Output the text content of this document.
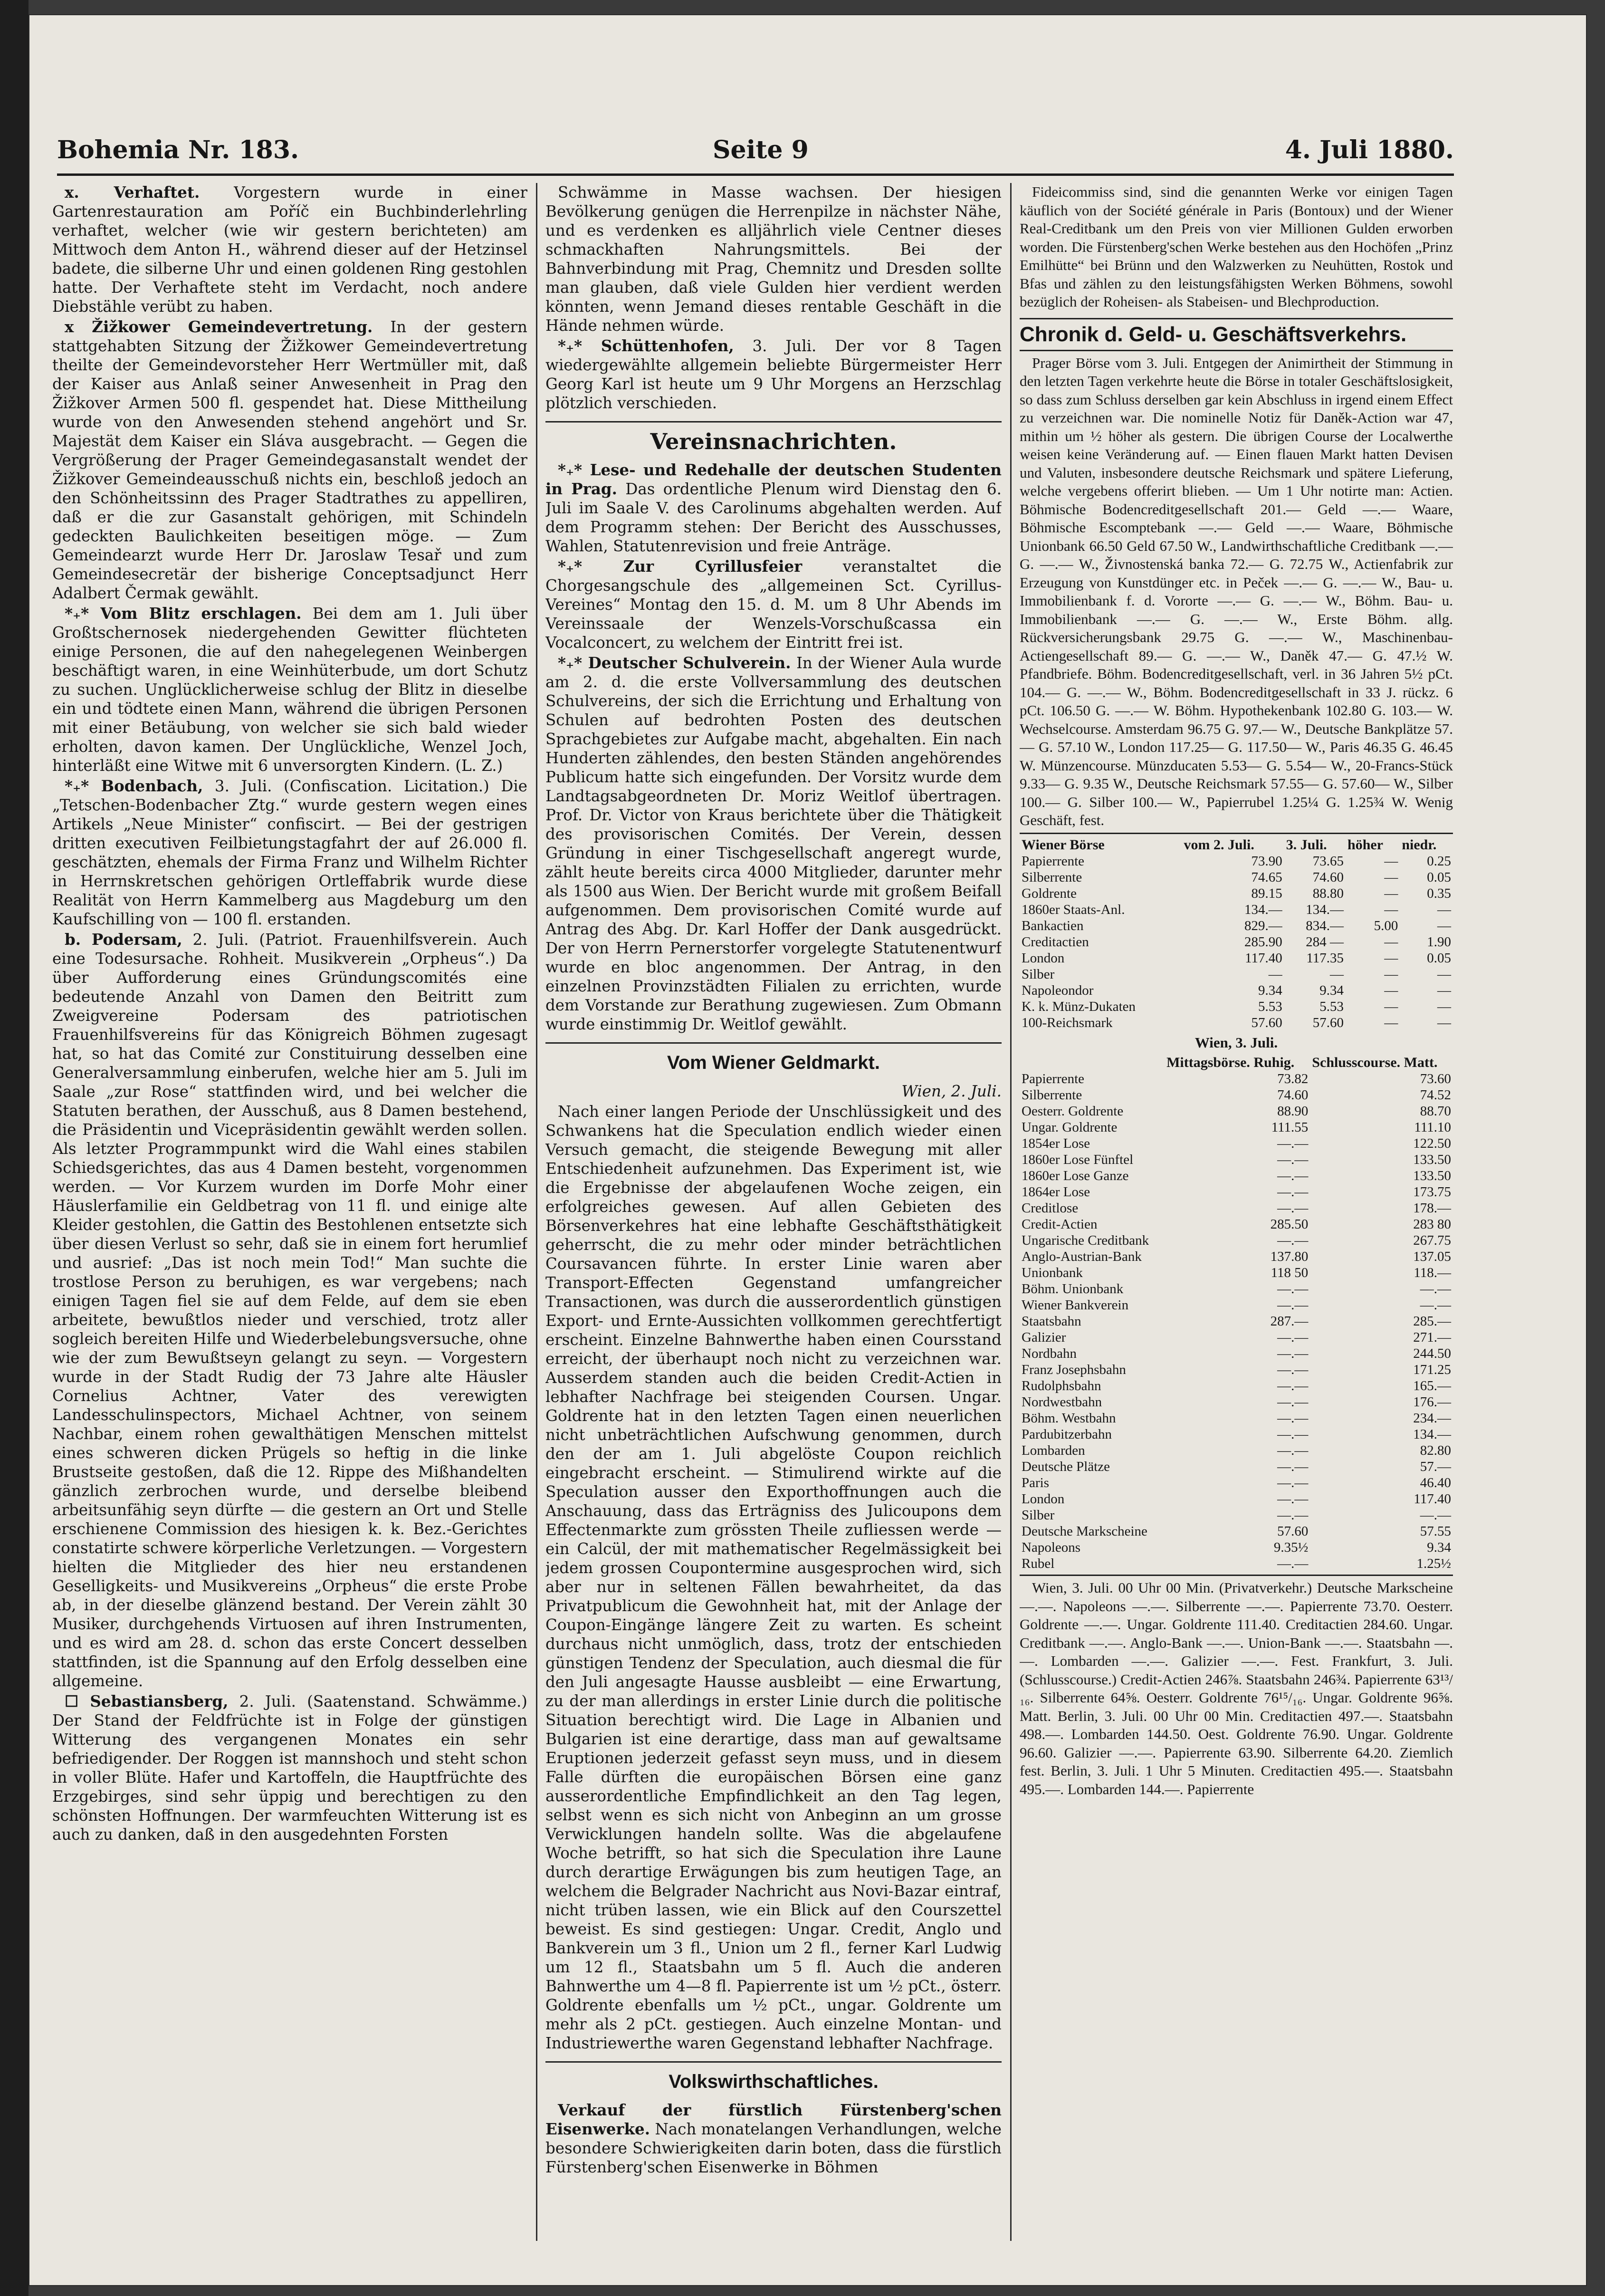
Bohemia Nr. 183.	Seite 9	4. Juli 1880.

x. Verhaftet. Vorgestern wurde in einer Gartenrestauration am Poříč ein Buchbinderlehrling verhaftet, welcher (wie wir gestern berichteten) am Mittwoch dem Anton H., während dieser auf der Hetzinsel badete, die silberne Uhr und einen goldenen Ring gestohlen hatte. Der Verhaftete steht im Verdacht, noch andere Diebstähle verübt zu haben.

x Žižkower Gemeindevertretung. In der gestern stattgehabten Sitzung der Žižkower Gemeindevertretung theilte der Gemeindevorsteher Herr Wertmüller mit, daß der Kaiser aus Anlaß seiner Anwesenheit in Prag den Žižkover Armen 500 fl. gespendet hat. Diese Mittheilung wurde von den Anwesenden stehend angehört und Sr. Majestät dem Kaiser ein Sláva ausgebracht. — Gegen die Vergrößerung der Prager Gemeindegasanstalt wendet der Žižkover Gemeindeausschuß nichts ein, beschloß jedoch an den Schönheitssinn des Prager Stadtrathes zu appelliren, daß er die zur Gasanstalt gehörigen, mit Schindeln gedeckten Baulichkeiten beseitigen möge. — Zum Gemeindearzt wurde Herr Dr. Jaroslaw Tesař und zum Gemeindesecretär der bisherige Conceptsadjunct Herr Adalbert Čermak gewählt.

*₊* Vom Blitz erschlagen. Bei dem am 1. Juli über Großtschernosek niedergehenden Gewitter flüchteten einige Personen, die auf den nahegelegenen Weinbergen beschäftigt waren, in eine Weinhüterbude, um dort Schutz zu suchen. Unglücklicherweise schlug der Blitz in dieselbe ein und tödtete einen Mann, während die übrigen Personen mit einer Betäubung, von welcher sie sich bald wieder erholten, davon kamen. Der Unglückliche, Wenzel Joch, hinterläßt eine Witwe mit 6 unversorgten Kindern. (L. Z.)

*₊* Bodenbach, 3. Juli. (Confiscation. Licitation.) Die „Tetschen-Bodenbacher Ztg.“ wurde gestern wegen eines Artikels „Neue Minister“ confiscirt. — Bei der gestrigen dritten executiven Feilbietungstagfahrt der auf 26.000 fl. geschätzten, ehemals der Firma Franz und Wilhelm Richter in Herrnskretschen gehörigen Ortleffabrik wurde diese Realität von Herrn Kammelberg aus Magdeburg um den Kaufschilling von — 100 fl. erstanden.

b. Podersam, 2. Juli. (Patriot. Frauenhilfsverein. Auch eine Todesursache. Rohheit. Musikverein „Orpheus“.) Da über Aufforderung eines Gründungscomités eine bedeutende Anzahl von Damen den Beitritt zum Zweigvereine Podersam des patriotischen Frauenhilfsvereins für das Königreich Böhmen zugesagt hat, so hat das Comité zur Constituirung desselben eine Generalversammlung einberufen, welche hier am 5. Juli im Saale „zur Rose“ stattfinden wird, und bei welcher die Statuten berathen, der Ausschuß, aus 8 Damen bestehend, die Präsidentin und Vicepräsidentin gewählt werden sollen. Als letzter Programmpunkt wird die Wahl eines stabilen Schiedsgerichtes, das aus 4 Damen besteht, vorgenommen werden. — Vor Kurzem wurden im Dorfe Mohr einer Häuslerfamilie ein Geldbetrag von 11 fl. und einige alte Kleider gestohlen, die Gattin des Bestohlenen entsetzte sich über diesen Verlust so sehr, daß sie in einem fort herumlief und ausrief: „Das ist noch mein Tod!“ Man suchte die trostlose Person zu beruhigen, es war vergebens; nach einigen Tagen fiel sie auf dem Felde, auf dem sie eben arbeitete, bewußtlos nieder und verschied, trotz aller sogleich bereiten Hilfe und Wiederbelebungsversuche, ohne wie der zum Bewußtseyn gelangt zu seyn. — Vorgestern wurde in der Stadt Rudig der 73 Jahre alte Häusler Cornelius Achtner, Vater des verewigten Landesschulinspectors, Michael Achtner, von seinem Nachbar, einem rohen gewalthätigen Menschen mittelst eines schweren dicken Prügels so heftig in die linke Brustseite gestoßen, daß die 12. Rippe des Mißhandelten gänzlich zerbrochen wurde, und derselbe bleibend arbeitsunfähig seyn dürfte — die gestern an Ort und Stelle erschienene Commission des hiesigen k. k. Bez.-Gerichtes constatirte schwere körperliche Verletzungen. — Vorgestern hielten die Mitglieder des hier neu erstandenen Geselligkeits- und Musikvereins „Orpheus“ die erste Probe ab, in der dieselbe glänzend bestand. Der Verein zählt 30 Musiker, durchgehends Virtuosen auf ihren Instrumenten, und es wird am 28. d. schon das erste Concert desselben stattfinden, ist die Spannung auf den Erfolg desselben eine allgemeine.

☐ Sebastiansberg, 2. Juli. (Saatenstand. Schwämme.) Der Stand der Feldfrüchte ist in Folge der günstigen Witterung des vergangenen Monates ein sehr befriedigender. Der Roggen ist mannshoch und steht schon in voller Blüte. Hafer und Kartoffeln, die Hauptfrüchte des Erzgebirges, sind sehr üppig und berechtigen zu den schönsten Hoffnungen. Der warmfeuchten Witterung ist es auch zu danken, daß in den ausgedehnten Forsten

Schwämme in Masse wachsen. Der hiesigen Bevölkerung genügen die Herrenpilze in nächster Nähe, und es verdenken es alljährlich viele Centner dieses schmackhaften Nahrungsmittels. Bei der Bahnverbindung mit Prag, Chemnitz und Dresden sollte man glauben, daß viele Gulden hier verdient werden könnten, wenn Jemand dieses rentable Geschäft in die Hände nehmen würde.

*₊* Schüttenhofen, 3. Juli. Der vor 8 Tagen wiedergewählte allgemein beliebte Bürgermeister Herr Georg Karl ist heute um 9 Uhr Morgens an Herzschlag plötzlich verschieden.

Vereinsnachrichten.

*₊* Lese- und Redehalle der deutschen Studenten in Prag. Das ordentliche Plenum wird Dienstag den 6. Juli im Saale V. des Carolinums abgehalten werden. Auf dem Programm stehen: Der Bericht des Ausschusses, Wahlen, Statutenrevision und freie Anträge.

*₊* Zur Cyrillusfeier veranstaltet die Chorgesangschule des „allgemeinen Sct. Cyrillus-Vereines“ Montag den 15. d. M. um 8 Uhr Abends im Vereinssaale der Wenzels-Vorschußcassa ein Vocalconcert, zu welchem der Eintritt frei ist.

*₊* Deutscher Schulverein. In der Wiener Aula wurde am 2. d. die erste Vollversammlung des deutschen Schulvereins, der sich die Errichtung und Erhaltung von Schulen auf bedrohten Posten des deutschen Sprachgebietes zur Aufgabe macht, abgehalten. Ein nach Hunderten zählendes, den besten Ständen angehörendes Publicum hatte sich eingefunden. Der Vorsitz wurde dem Landtagsabgeordneten Dr. Moriz Weitlof übertragen. Prof. Dr. Victor von Kraus berichtete über die Thätigkeit des provisorischen Comités. Der Verein, dessen Gründung in einer Tischgesellschaft angeregt wurde, zählt heute bereits circa 4000 Mitglieder, darunter mehr als 1500 aus Wien. Der Bericht wurde mit großem Beifall aufgenommen. Dem provisorischen Comité wurde auf Antrag des Abg. Dr. Karl Hoffer der Dank ausgedrückt. Der von Herrn Pernerstorfer vorgelegte Statutenentwurf wurde en bloc angenommen. Der Antrag, in den einzelnen Provinzstädten Filialen zu errichten, wurde dem Vorstande zur Berathung zugewiesen. Zum Obmann wurde einstimmig Dr. Weitlof gewählt.

Vom Wiener Geldmarkt.

Wien, 2. Juli.

Nach einer langen Periode der Unschlüssigkeit und des Schwankens hat die Speculation endlich wieder einen Versuch gemacht, die steigende Bewegung mit aller Entschiedenheit aufzunehmen. Das Experiment ist, wie die Ergebnisse der abgelaufenen Woche zeigen, ein erfolgreiches gewesen. Auf allen Gebieten des Börsenverkehres hat eine lebhafte Geschäftsthätigkeit geherrscht, die zu mehr oder minder beträchtlichen Coursavancen führte. In erster Linie waren aber Transport-Effecten Gegenstand umfangreicher Transactionen, was durch die ausserordentlich günstigen Export- und Ernte-Aussichten vollkommen gerechtfertigt erscheint. Einzelne Bahnwerthe haben einen Coursstand erreicht, der überhaupt noch nicht zu verzeichnen war. Ausserdem standen auch die beiden Credit-Actien in lebhafter Nachfrage bei steigenden Coursen. Ungar. Goldrente hat in den letzten Tagen einen neuerlichen nicht unbeträchtlichen Aufschwung genommen, durch den der am 1. Juli abgelöste Coupon reichlich eingebracht erscheint. — Stimulirend wirkte auf die Speculation ausser den Exporthoffnungen auch die Anschauung, dass das Erträgniss des Julicoupons dem Effectenmarkte zum grössten Theile zufliessen werde — ein Calcül, der mit mathematischer Regelmässigkeit bei jedem grossen Coupontermine ausgesprochen wird, sich aber nur in seltenen Fällen bewahrheitet, da das Privatpublicum die Gewohnheit hat, mit der Anlage der Coupon-Eingänge längere Zeit zu warten. Es scheint durchaus nicht unmöglich, dass, trotz der entschieden günstigen Tendenz der Speculation, auch diesmal die für den Juli angesagte Hausse ausbleibt — eine Erwartung, zu der man allerdings in erster Linie durch die politische Situation berechtigt wird. Die Lage in Albanien und Bulgarien ist eine derartige, dass man auf gewaltsame Eruptionen jederzeit gefasst seyn muss, und in diesem Falle dürften die europäischen Börsen eine ganz ausserordentliche Empfindlichkeit an den Tag legen, selbst wenn es sich nicht von Anbeginn an um grosse Verwicklungen handeln sollte. Was die abgelaufene Woche betrifft, so hat sich die Speculation ihre Laune durch derartige Erwägungen bis zum heutigen Tage, an welchem die Belgrader Nachricht aus Novi-Bazar eintraf, nicht trüben lassen, wie ein Blick auf den Courszettel beweist. Es sind gestiegen: Ungar. Credit, Anglo und Bankverein um 3 fl., Union um 2 fl., ferner Karl Ludwig um 12 fl., Staatsbahn um 5 fl. Auch die anderen Bahnwerthe um 4—8 fl. Papierrente ist um ½ pCt., österr. Goldrente ebenfalls um ½ pCt., ungar. Goldrente um mehr als 2 pCt. gestiegen. Auch einzelne Montan- und Industriewerthe waren Gegenstand lebhafter Nachfrage.

Volkswirthschaftliches.

Verkauf der fürstlich Fürstenberg'schen Eisenwerke. Nach monatelangen Verhandlungen, welche besondere Schwierigkeiten darin boten, dass die fürstlich Fürstenberg'schen Eisenwerke in Böhmen

Fideicommiss sind, sind die genannten Werke vor einigen Tagen käuflich von der Société générale in Paris (Bontoux) und der Wiener Real-Creditbank um den Preis von vier Millionen Gulden erworben worden. Die Fürstenberg'schen Werke bestehen aus den Hochöfen „Prinz Emilhütte“ bei Brünn und den Walzwerken zu Neuhütten, Rostok und Bfas und zählen zu den leistungsfähigsten Werken Böhmens, sowohl bezüglich der Roheisen- als Stabeisen- und Blechproduction.

Chronik d. Geld- u. Geschäftsverkehrs.

Prager Börse vom 3. Juli. Entgegen der Animirtheit der Stimmung in den letzten Tagen verkehrte heute die Börse in totaler Geschäftslosigkeit, so dass zum Schluss derselben gar kein Abschluss in irgend einem Effect zu verzeichnen war. Die nominelle Notiz für Daněk-Action war 47, mithin um ½ höher als gestern. Die übrigen Course der Localwerthe weisen keine Veränderung auf. — Einen flauen Markt hatten Devisen und Valuten, insbesondere deutsche Reichsmark und spätere Lieferung, welche vergebens offerirt blieben. — Um 1 Uhr notirte man: Actien. Böhmische Bodencreditgesellschaft 201.— Geld —.— Waare, Böhmische Escomptebank —.— Geld —.— Waare, Böhmische Unionbank 66.50 Geld 67.50 W., Landwirthschaftliche Creditbank —.— G. —.— W., Živnostenská banka 72.— G. 72.75 W., Actienfabrik zur Erzeugung von Kunstdünger etc. in Peček —.— G. —.— W., Bau- u. Immobilienbank f. d. Vororte —.— G. —.— W., Böhm. Bau- u. Immobilienbank —.— G. —.— W., Erste Böhm. allg. Rückversicherungsbank 29.75 G. —.— W., Maschinenbau-Actiengesellschaft 89.— G. —.— W., Daněk 47.— G. 47.½ W. Pfandbriefe. Böhm. Bodencreditgesellschaft, verl. in 36 Jahren 5½ pCt. 104.— G. —.— W., Böhm. Bodencreditgesellschaft in 33 J. rückz. 6 pCt. 106.50 G. —.— W. Böhm. Hypothekenbank 102.80 G. 103.— W. Wechselcourse. Amsterdam 96.75 G. 97.— W., Deutsche Bankplätze 57.— G. 57.10 W., London 117.25— G. 117.50— W., Paris 46.35 G. 46.45 W. Münzencourse. Münzducaten 5.53— G. 5.54— W., 20-Francs-Stück 9.33— G. 9.35 W., Deutsche Reichsmark 57.55— G. 57.60— W., Silber 100.— G. Silber 100.— W., Papierrubel 1.25¼ G. 1.25¾ W. Wenig Geschäft, fest.

Wiener Börse	vom 2. Juli.	3. Juli.	höher	niedr.
Papierrente	73.90	73.65	—	0.25
Silberrente	74.65	74.60	—	0.05
Goldrente	89.15	88.80	—	0.35
1860er Staats-Anl.	134.—	134.—	—	—
Bankactien	829.—	834.—	5.00	—
Creditactien	285.90	284 —	—	1.90
London	117.40	117.35	—	0.05
Silber	—	—	—	—
Napoleondor	9.34	9.34	—	—
K. k. Münz-Dukaten	5.53	5.53	—	—
100-Reichsmark	57.60	57.60	—	—
Wien, 3. Juli.
	Mittagsbörse. Ruhig.	Schlusscourse. Matt.
Papierrente	73.82	73.60
Silberrente	74.60	74.52
Oesterr. Goldrente	88.90	88.70
Ungar. Goldrente	111.55	111.10
1854er Lose	—.—	122.50
1860er Lose Fünftel	—.—	133.50
1860er Lose Ganze	—.—	133.50
1864er Lose	—.—	173.75
Creditlose	—.—	178.—
Credit-Actien	285.50	283 80
Ungarische Creditbank	—.—	267.75
Anglo-Austrian-Bank	137.80	137.05
Unionbank	118 50	118.—
Böhm. Unionbank	—.—	—.—
Wiener Bankverein	—.—	—.—
Staatsbahn	287.—	285.—
Galizier	—.—	271.—
Nordbahn	—.—	244.50
Franz Josephsbahn	—.—	171.25
Rudolphsbahn	—.—	165.—
Nordwestbahn	—.—	176.—
Böhm. Westbahn	—.—	234.—
Pardubitzerbahn	—.—	134.—
Lombarden	—.—	82.80
Deutsche Plätze	—.—	57.—
Paris	—.—	46.40
London	—.—	117.40
Silber	—.—	—.—
Deutsche Markscheine	57.60	57.55
Napoleons	9.35½	9.34
Rubel	—.—	1.25½

Wien, 3. Juli. 00 Uhr 00 Min. (Privatverkehr.) Deutsche Markscheine —.—. Napoleons —.—. Silberrente —.—. Papierrente 73.70. Oesterr. Goldrente —.—. Ungar. Goldrente 111.40. Creditactien 284.60. Ungar. Creditbank —.—. Anglo-Bank —.—. Union-Bank —.—. Staatsbahn —.—. Lombarden —.—. Galizier —.—. Fest. Frankfurt, 3. Juli. (Schlusscourse.) Credit-Actien 246⅞. Staatsbahn 246¾. Papierrente 63¹³/₁₆. Silberrente 64⅝. Oesterr. Goldrente 76¹⁵/₁₆. Ungar. Goldrente 96⅝. Matt. Berlin, 3. Juli. 00 Uhr 00 Min. Creditactien 497.—. Staatsbahn 498.—. Lombarden 144.50. Oest. Goldrente 76.90. Ungar. Goldrente 96.60. Galizier —.—. Papierrente 63.90. Silberrente 64.20. Ziemlich fest. Berlin, 3. Juli. 1 Uhr 5 Minuten. Creditactien 495.—. Staatsbahn 495.—. Lombarden 144.—. Papierrente
